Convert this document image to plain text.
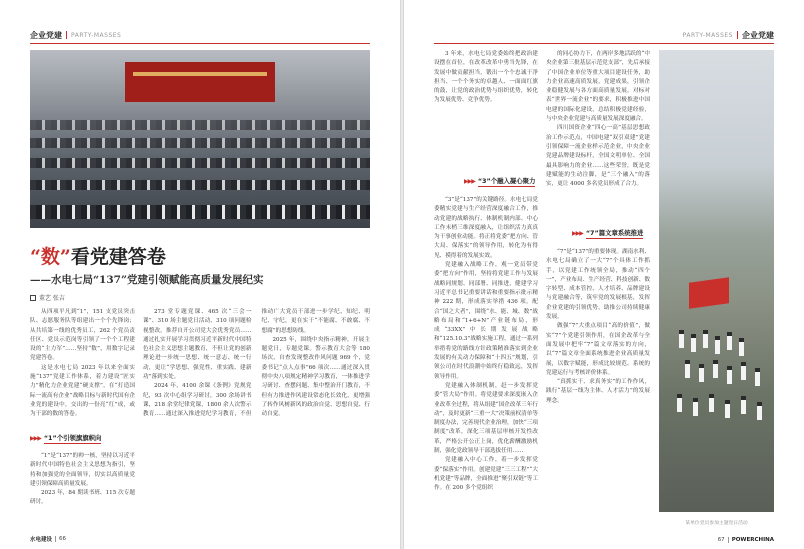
企业党建 PARTY-MASSES
“数”看党建答卷
——水电七局“137”党建引领赋能高质量发展纪实
董艺 张吉

从四项平凡到“1”，151 支党员突击队、志愿服务队等组建出一个个先锋岗；从共培第一线的优秀员工，262 个党员责任区、党员示范岗等引领了一个个工程建设的“主力军”……坚持“数”，用数字记录党建答卷。

这是水电七局 2023 年以来全面实施“137”党建工作体系，着力建设“匠实力”精化力企业党建“硬支撑”，在“打造国际一流高有企业”战略目标与新时代国有企业党的建设中，交出的一份亮“红”成，或为干部的数的答卷。

▶▶▶ “1”个引领旗旗帜向

“1”是“137”的帅一核，坚持以习近平新时代中国特色社会主义思想为指引，坚持和加强党的全面领导，切实以高质量党建引领保障高质量发展。

2023 年，84 期读书班、115 次专题研讨。

273 堂专题党课、465 次“三会一课”、310 场主题党日活动、310 项问题检视整改，推荐自开公司党大会优秀党员……通过扎实开展学习贯彻习近平新时代中国特色社会主义思想主题教育，不但让党的创新理论进一步统一思想、统一意志、统一行动，更让“学思想、强党性、重实践、建新功”落到实处。

2024 年，4100 余课《条例》党规党纪，93 次中心组学习研讨，300 余场讲书课，218 余堂纪律党课，1800 余人次警示教育……通过深入推进党纪学习教育，不但推动广大党员干部进一步学纪、知纪、明纪、守纪，更在实干“不能腐、不敢腐、不想腐”的思想防线。

2025 年，围绕中央指示精神，开展主题党日，专题党课。警示教育大会等 180 场次，自查发现整改作风问题 969 个，党委书记“点人点事”66 项次……通过深入贯彻中央八项规定精神学习教育，一体推进学习研讨、查摆问题、集中整治开门教育，不但有力推进作风建设常态化长效化，更增强了转作风树新风的政治自觉、思想自觉、行动自觉。

水电建设 66
PARTY-MASSES 企业党建

3 年来，水电七局党委始终把政治建设摆在首位，在改革改革中勇当先锋，在发展中做贡献担当，锻出一个个忠诚干净担当、一个个务实的卓越人、一面面红旗的鼓，让党的政治优势与组织优势，转化为发展优势、竞争优势。

▶▶▶ “3”个融入凝心聚力

“3”是“137”的关键路径。水电七局党委精实党建与生产经营深度融合工作，推动党建的战略执行、体制机制内部、中心工作末梢三维深度融入，让组织活力真真为干事创业动能。将正将党委“把方向、管大局、保落实”的领导作用，转化为有得见、摸得着的发展实效。

党建融入战略工作，观一党员带党委“把方向”作用，坚持将党建工作与发展战略同规划、同部署、同推进，健建学习习近平总书记重要讲话和重要指示批示精神 222 期，形成落实举措 436 项。配合“国之大者”，围绕“水、能、城、数”战略布局和“1+6+N”产业链布局，形成“33XX”中长期发展战略和“125.10.3”战略实施工程，通过一系列举措将党的路线方针政策精准落实到企业发展的有关动力保障和“十四五”规划，引领公司在时代浪潮中始终行稳致远，发挥领导作用。

党建融入体制机制，赶一步发挥党委“管大局”作用。将党建要求深度嵌入企业改革全过程，将从组建“国企改革三年行动”，及时更新“三重一大”决策前权清单等制度办法，完善现代企业治理，加快“三项制度”改革，深化三项基层审核开发性改革，严格公开公正上岗，优化薪酬激励机制，强化党政领导干部选拔任用……

党建融入中心工作，着一步发挥党委“保落实”作用。创建党建“三三工程”“大机党建”等品牌，全面推进“聚引双链”等工作。在 200 多个党组织

的同心协力下，在两岸多地活跃的“中央企业第三批基层示范党支部”，先后承接了中国企业单位等重大项目建设任务，助力企业高速高质发展，党建成果，引领企业稳健发展与各方面高质量发展。对标对表“世界一流企业”的要求，积极推进中国电建的国际化建设，总结积极党建经验，与中央企业党建与高质量发展深度融合。

四川国资企业“四心一高”基层思想政治工作示范点，中国电建“双引双建”党建引领保障一流企业样示范企业，中央企业党建品牌建设标杆，全国文明单位、全国最具影响力的企业……这些荣誉，既是党建赋能的生动注脚，是“三个融入”的落实，更让 4000 多名党员形成了合力。

▶▶▶ “7”篇文章系统推进

“7”是“137”的重要体现。湖南水利、水电七局确立了一大“7”个具体工作抓手，以党建工作统领全局，推动“四个一”，产业布局、生产经营、科技创新、数字转型、成本管控、人才培养、品牌建设与党建融合等，筑牢党的发展根基，发挥企业党建的引领优势，助推公司持续健康发展。

做强“7”大重点项目“高的价值”，做实“7”个党建引领作用，在国企改革与全面发展中把牢“7”篇文章落实的方向，以“7”篇文章全面系统推进企业高质量发展，以数字赋能，形成比较规范、系统的党建运行与考核评价体系。

“真抓实干、求真务实”的工作作风，践行“基层一线为主体、人才活力”的发展理念。

某单位党员参加主题党日活动
67 POWERCHINA
